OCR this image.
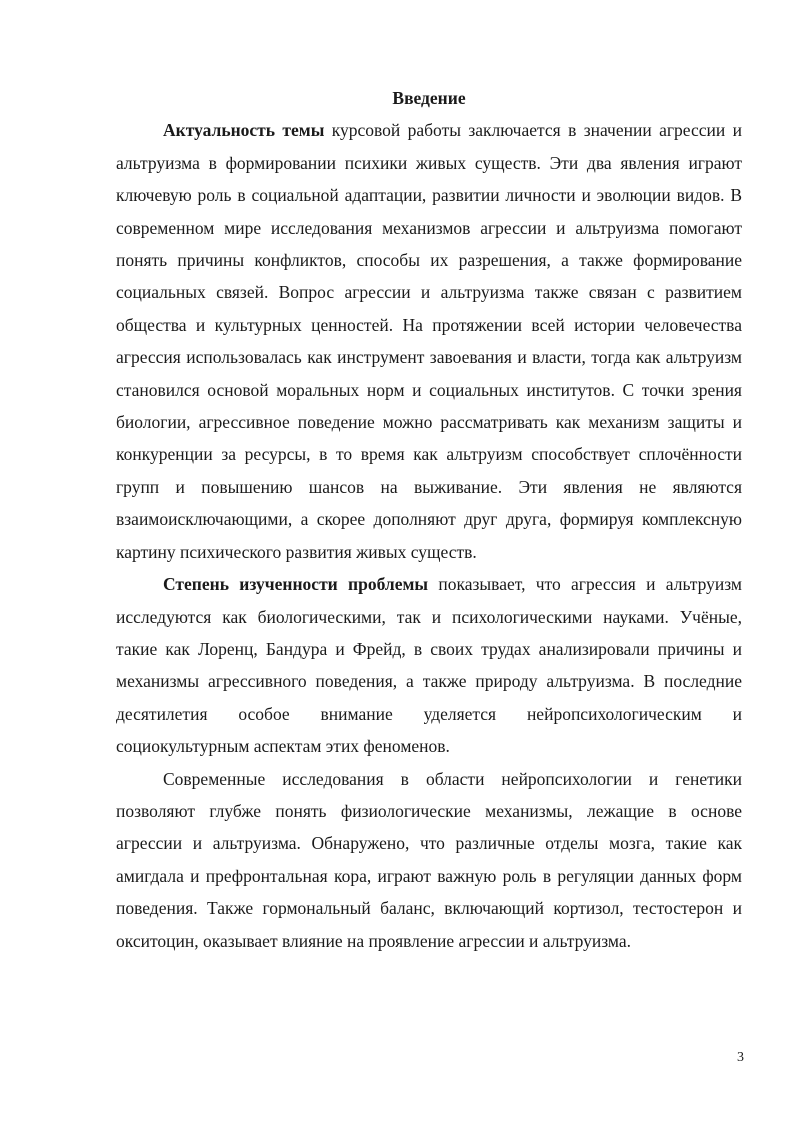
Введение

Актуальность темы курсовой работы заключается в значении агрессии и альтруизма в формировании психики живых существ. Эти два явления играют ключевую роль в социальной адаптации, развитии личности и эволюции видов. В современном мире исследования механизмов агрессии и альтруизма помогают понять причины конфликтов, способы их разрешения, а также формирование социальных связей. Вопрос агрессии и альтруизма также связан с развитием общества и культурных ценностей. На протяжении всей истории человечества агрессия использовалась как инструмент завоевания и власти, тогда как альтруизм становился основой моральных норм и социальных институтов. С точки зрения биологии, агрессивное поведение можно рассматривать как механизм защиты и конкуренции за ресурсы, в то время как альтруизм способствует сплочённости групп и повышению шансов на выживание. Эти явления не являются взаимоисключающими, а скорее дополняют друг друга, формируя комплексную картину психического развития живых существ.

Степень изученности проблемы показывает, что агрессия и альтруизм исследуются как биологическими, так и психологическими науками. Учёные, такие как Лоренц, Бандура и Фрейд, в своих трудах анализировали причины и механизмы агрессивного поведения, а также природу альтруизма. В последние десятилетия особое внимание уделяется нейропсихологическим и социокультурным аспектам этих феноменов.

Современные исследования в области нейропсихологии и генетики позволяют глубже понять физиологические механизмы, лежащие в основе агрессии и альтруизма. Обнаружено, что различные отделы мозга, такие как амигдала и префронтальная кора, играют важную роль в регуляции данных форм поведения. Также гормональный баланс, включающий кортизол, тестостерон и окситоцин, оказывает влияние на проявление агрессии и альтруизма.

3
